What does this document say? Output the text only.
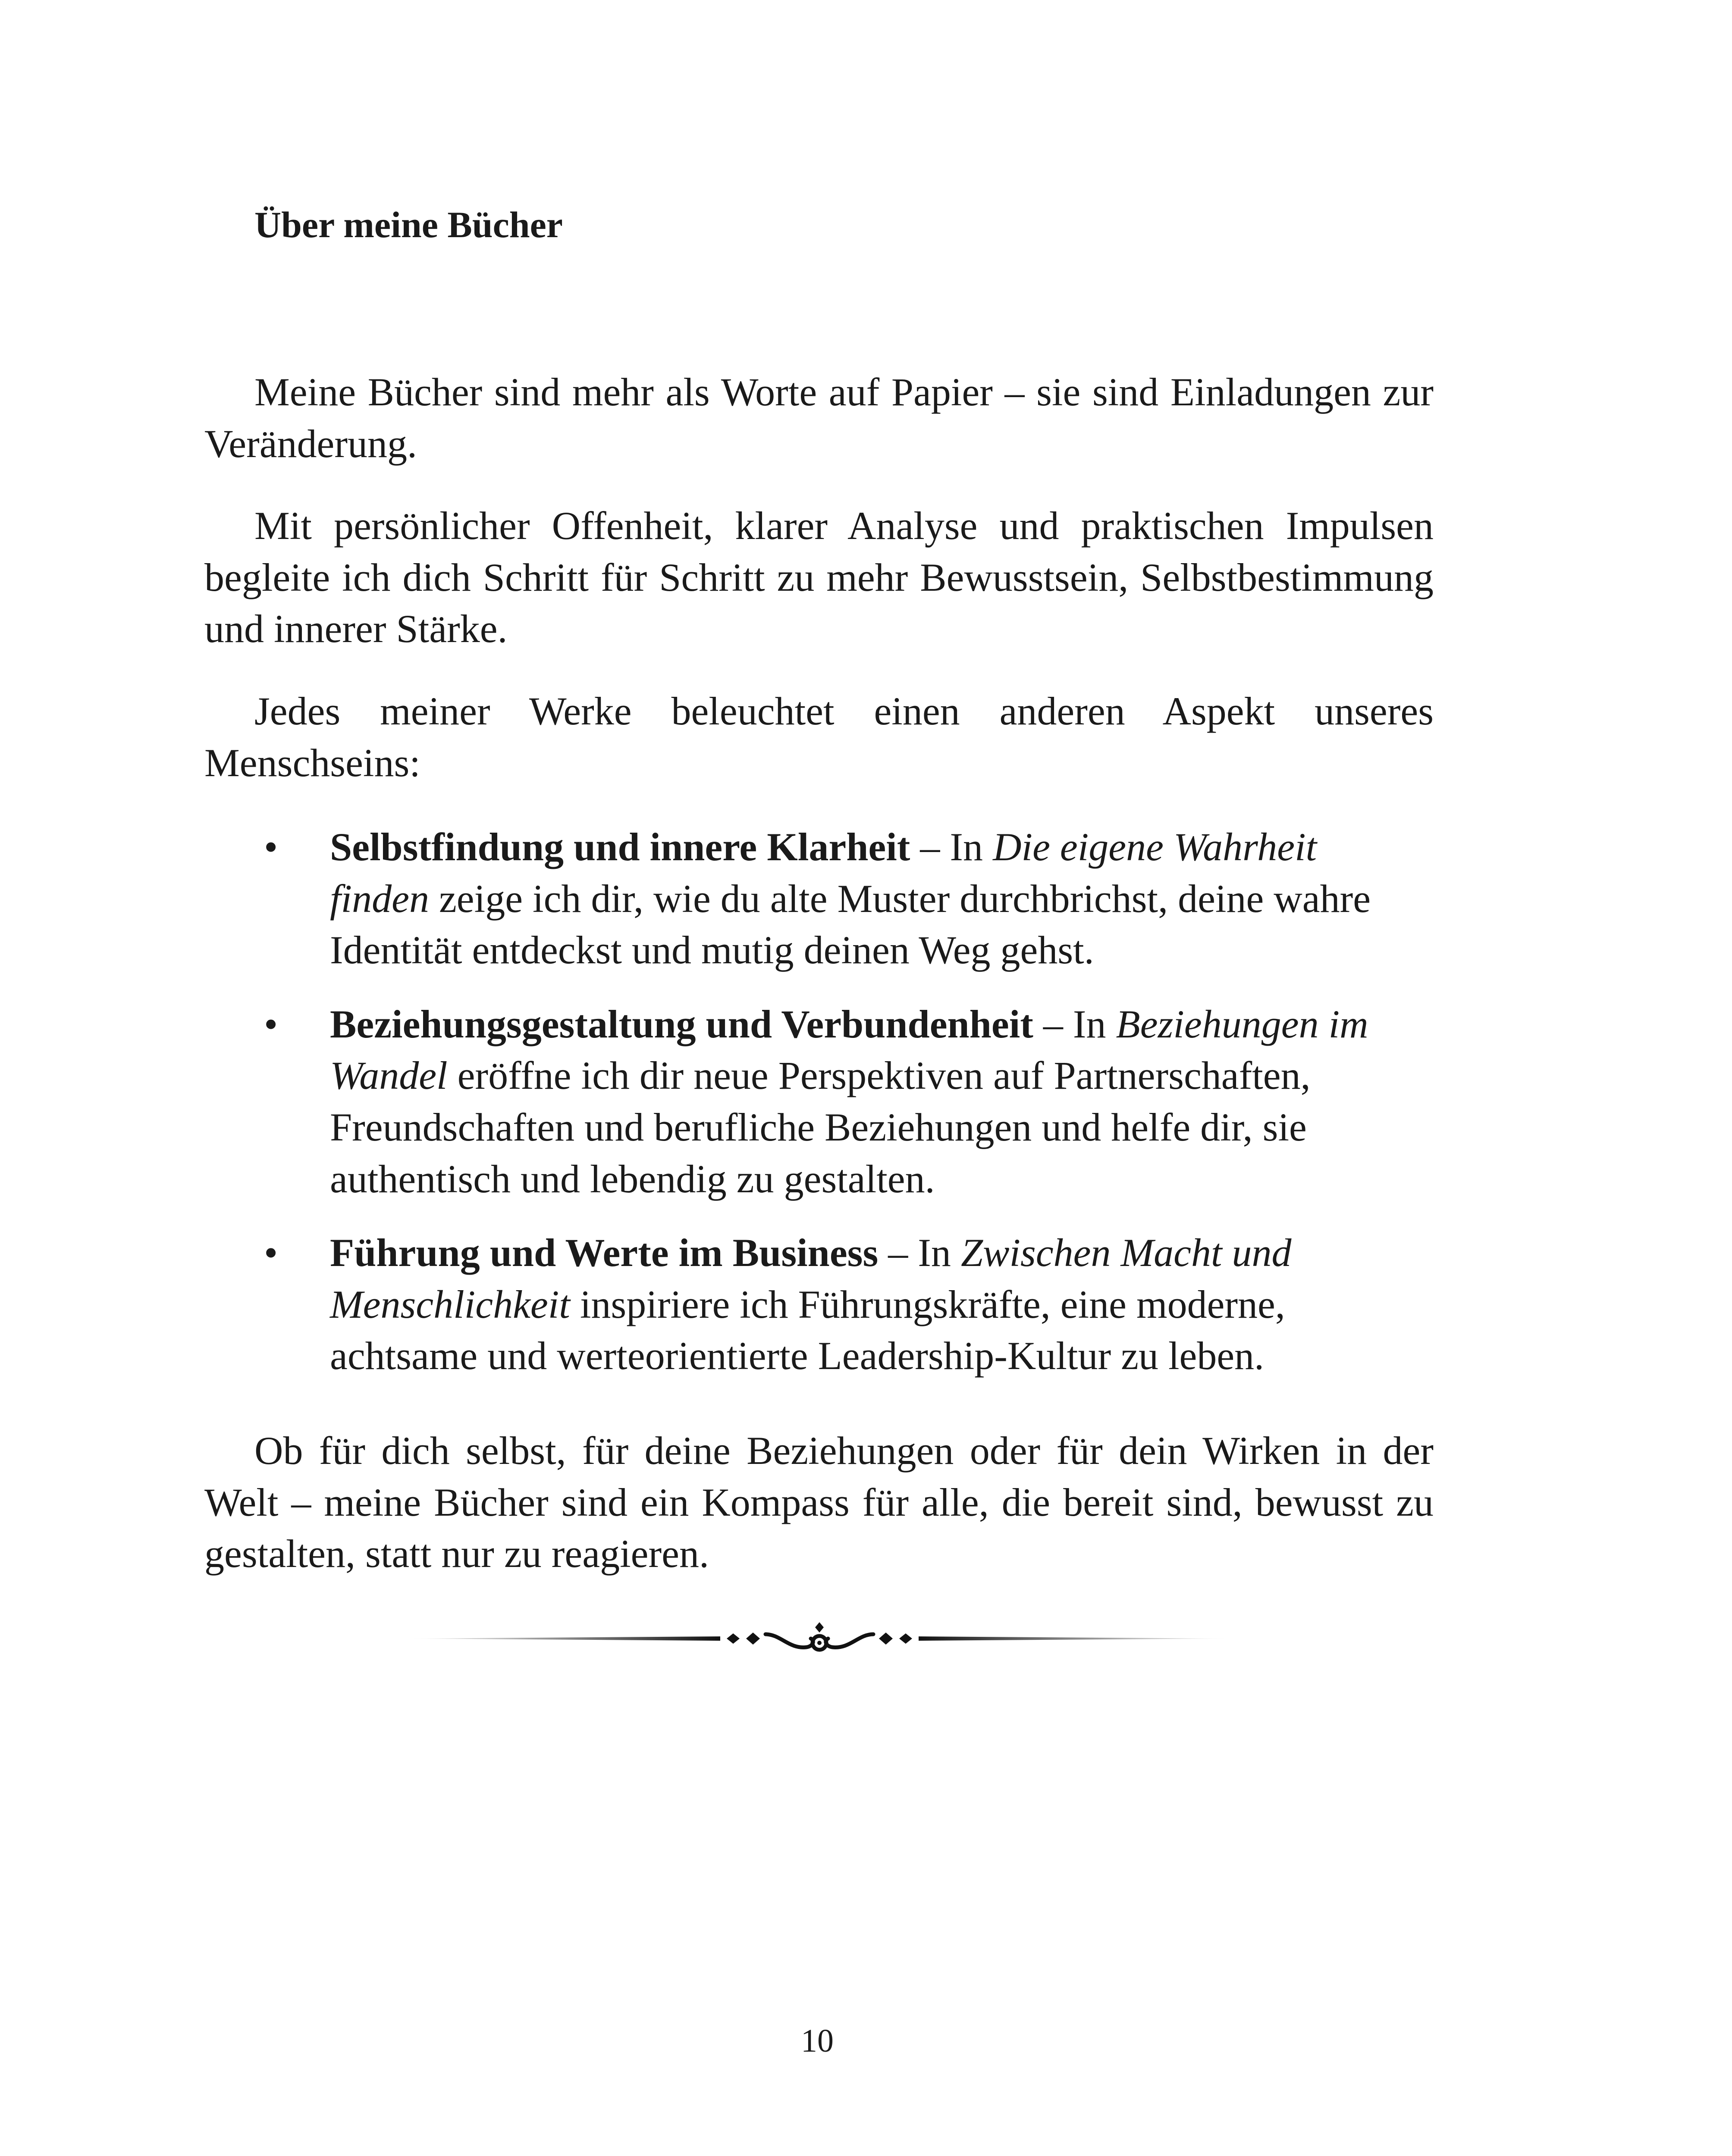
Über meine Bücher

Meine Bücher sind mehr als Worte auf Papier – sie sind Einladungen zur Veränderung.

Mit persönlicher Offenheit, klarer Analyse und praktischen Impulsen begleite ich dich Schritt für Schritt zu mehr Bewusstsein, Selbstbestimmung und innerer Stärke.

Jedes meiner Werke beleuchtet einen anderen Aspekt unseres Menschseins:

• Selbstfindung und innere Klarheit – In Die eigene Wahrheit finden zeige ich dir, wie du alte Muster durchbrichst, deine wahre Identität entdeckst und mutig deinen Weg gehst.
• Beziehungsgestaltung und Verbundenheit – In Beziehungen im Wandel eröffne ich dir neue Perspektiven auf Partnerschaften, Freundschaften und berufliche Beziehungen und helfe dir, sie authentisch und lebendig zu gestalten.
• Führung und Werte im Business – In Zwischen Macht und Menschlichkeit inspiriere ich Führungskräfte, eine moderne, achtsame und werteorientierte Leadership-Kultur zu leben.

Ob für dich selbst, für deine Beziehungen oder für dein Wirken in der Welt – meine Bücher sind ein Kompass für alle, die bereit sind, bewusst zu gestalten, statt nur zu reagieren.

10
